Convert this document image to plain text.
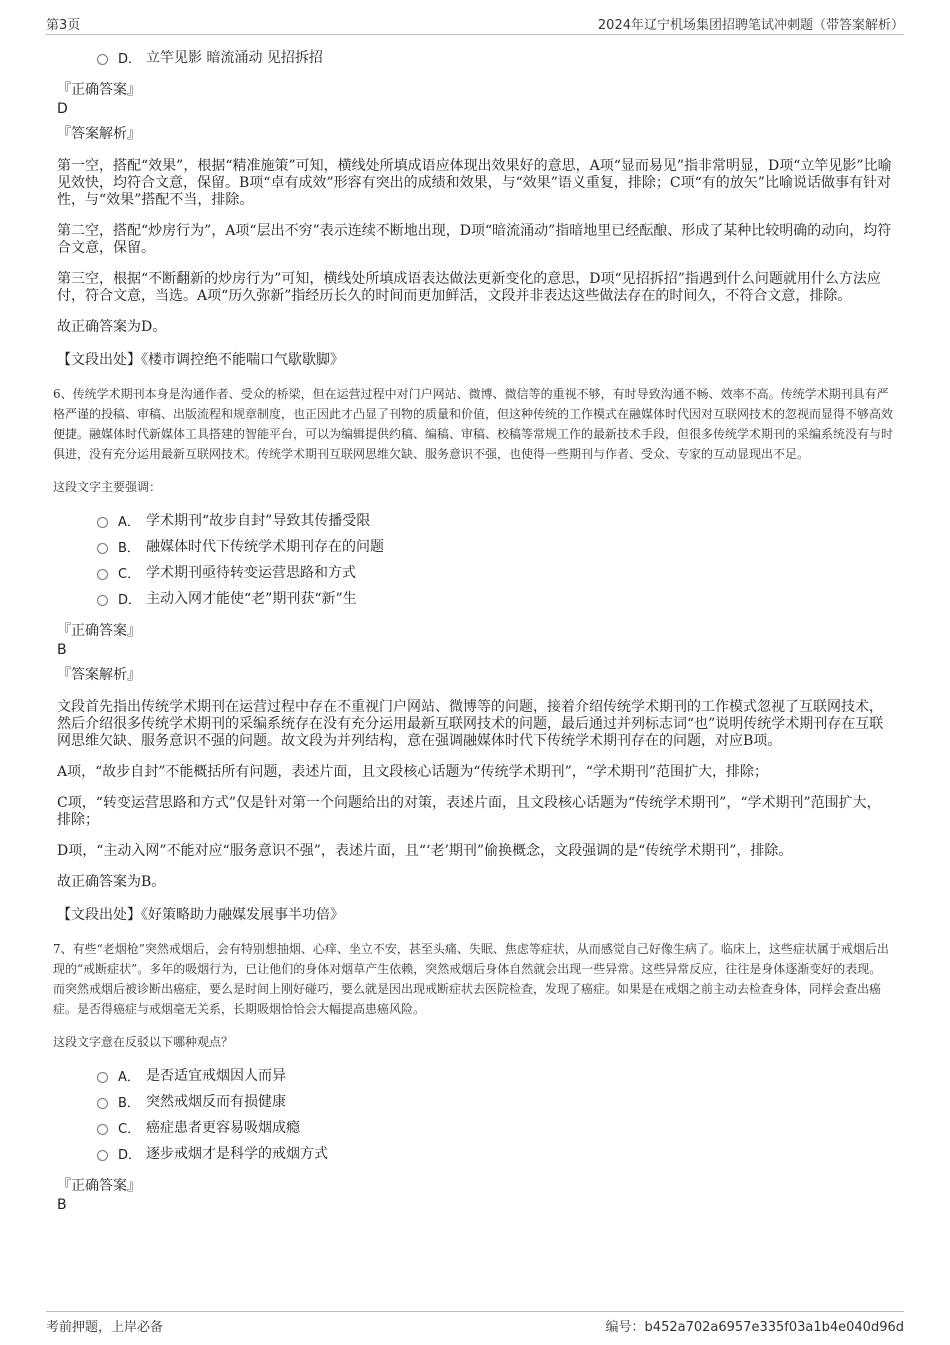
第3页	2024年辽宁机场集团招聘笔试冲刺题（带答案解析）
D． 立竿见影 暗流涌动 见招拆招
『正确答案』
D
『答案解析』

第一空，搭配“效果”，根据“精准施策”可知，横线处所填成语应体现出效果好的意思，A项“显而易见”指非常明显，D项“立竿见影”比喻见效快，均符合文意，保留。B项“卓有成效”形容有突出的成绩和效果，与“效果”语义重复，排除；C项“有的放矢”比喻说话做事有针对性，与“效果”搭配不当，排除。

第二空，搭配“炒房行为”，A项“层出不穷”表示连续不断地出现，D项“暗流涌动”指暗地里已经酝酿、形成了某种比较明确的动向，均符合文意，保留。

第三空，根据“不断翻新的炒房行为”可知，横线处所填成语表达做法更新变化的意思，D项“见招拆招”指遇到什么问题就用什么方法应付，符合文意，当选。A项“历久弥新”指经历长久的时间而更加鲜活，文段并非表达这些做法存在的时间久，不符合文意，排除。

故正确答案为D。

【文段出处】《楼市调控绝不能喘口气歇歇脚》
6、传统学术期刊本身是沟通作者、受众的桥梁，但在运营过程中对门户网站、微博、微信等的重视不够，有时导致沟通不畅、效率不高。传统学术期刊具有严格严谨的投稿、审稿、出版流程和规章制度，也正因此才凸显了刊物的质量和价值，但这种传统的工作模式在融媒体时代因对互联网技术的忽视而显得不够高效便捷。融媒体时代新媒体工具搭建的智能平台，可以为编辑提供约稿、编稿、审稿、校稿等常规工作的最新技术手段，但很多传统学术期刊的采编系统没有与时俱进，没有充分运用最新互联网技术。传统学术期刊互联网思维欠缺、服务意识不强，也使得一些期刊与作者、受众、专家的互动显现出不足。
这段文字主要强调：
A． 学术期刊“故步自封”导致其传播受限
B． 融媒体时代下传统学术期刊存在的问题
C． 学术期刊亟待转变运营思路和方式
D． 主动入网才能使“老”期刊获“新”生
『正确答案』
B
『答案解析』

文段首先指出传统学术期刊在运营过程中存在不重视门户网站、微博等的问题，接着介绍传统学术期刊的工作模式忽视了互联网技术，然后介绍很多传统学术期刊的采编系统存在没有充分运用最新互联网技术的问题，最后通过并列标志词“也”说明传统学术期刊存在互联网思维欠缺、服务意识不强的问题。故文段为并列结构，意在强调融媒体时代下传统学术期刊存在的问题，对应B项。

A项，“故步自封”不能概括所有问题，表述片面，且文段核心话题为“传统学术期刊”，“学术期刊”范围扩大，排除；

C项，“转变运营思路和方式”仅是针对第一个问题给出的对策，表述片面，且文段核心话题为“传统学术期刊”，“学术期刊”范围扩大，排除；

D项，“主动入网”不能对应“服务意识不强”，表述片面，且“‘老’期刊”偷换概念，文段强调的是“传统学术期刊”，排除。

故正确答案为B。

【文段出处】《好策略助力融媒发展事半功倍》
7、有些“老烟枪”突然戒烟后，会有特别想抽烟、心痒、坐立不安，甚至头痛、失眠、焦虑等症状，从而感觉自己好像生病了。临床上，这些症状属于戒烟后出现的“戒断症状”。多年的吸烟行为，已让他们的身体对烟草产生依赖，突然戒烟后身体自然就会出现一些异常。这些异常反应，往往是身体逐渐变好的表现。而突然戒烟后被诊断出癌症，要么是时间上刚好碰巧，要么就是因出现戒断症状去医院检查，发现了癌症。如果是在戒烟之前主动去检查身体，同样会查出癌症。是否得癌症与戒烟毫无关系，长期吸烟恰恰会大幅提高患癌风险。
这段文字意在反驳以下哪种观点？
A． 是否适宜戒烟因人而异
B． 突然戒烟反而有损健康
C． 癌症患者更容易吸烟成瘾
D． 逐步戒烟才是科学的戒烟方式
『正确答案』
B
考前押题，上岸必备	编号：b452a702a6957e335f03a1b4e040d96d
